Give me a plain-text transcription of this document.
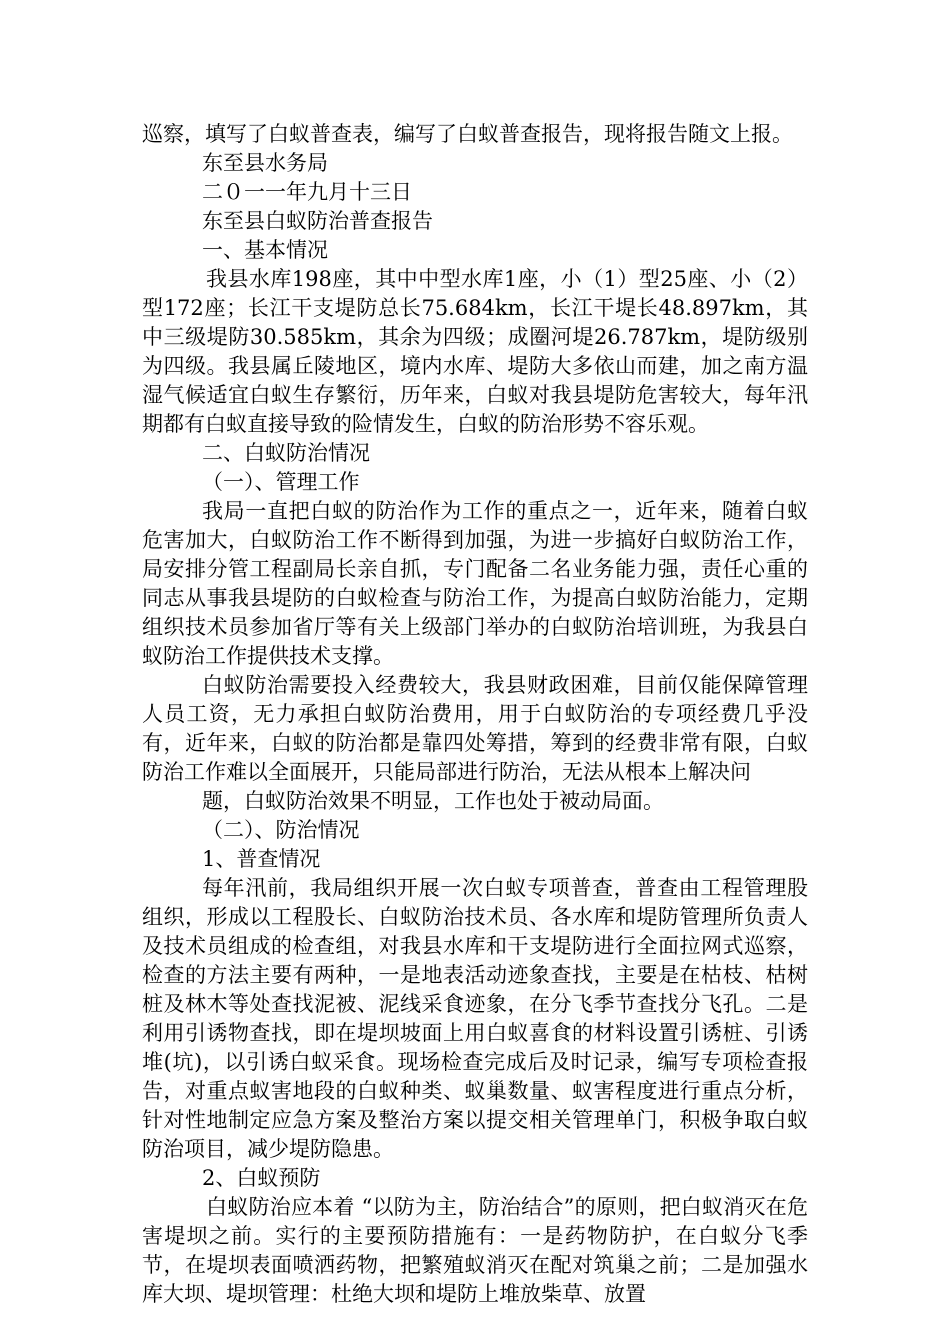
巡察，填写了白蚁普查表，编写了白蚁普查报告，现将报告随文上报。

东至县水务局

二０一一年九月十三日

东至县白蚁防治普查报告

一、基本情况

我县水库198座，其中中型水库1座，小（1）型25座、小（2）型172座；长江干支堤防总长75.684km，长江干堤长48.897km，其中三级堤防30.585km，其余为四级；成圈河堤26.787km，堤防级别为四级。我县属丘陵地区，境内水库、堤防大多依山而建，加之南方温湿气候适宜白蚁生存繁衍，历年来，白蚁对我县堤防危害较大，每年汛期都有白蚁直接导致的险情发生，白蚁的防治形势不容乐观。

二、白蚁防治情况

（一）、管理工作

我局一直把白蚁的防治作为工作的重点之一，近年来，随着白蚁危害加大，白蚁防治工作不断得到加强，为进一步搞好白蚁防治工作，局安排分管工程副局长亲自抓，专门配备二名业务能力强，责任心重的同志从事我县堤防的白蚁检查与防治工作，为提高白蚁防治能力，定期组织技术员参加省厅等有关上级部门举办的白蚁防治培训班，为我县白蚁防治工作提供技术支撑。

白蚁防治需要投入经费较大，我县财政困难，目前仅能保障管理人员工资，无力承担白蚁防治费用，用于白蚁防治的专项经费几乎没有，近年来，白蚁的防治都是靠四处筹措，筹到的经费非常有限，白蚁防治工作难以全面展开，只能局部进行防治，无法从根本上解决问

题，白蚁防治效果不明显，工作也处于被动局面。

（二）、防治情况

1、普查情况

每年汛前，我局组织开展一次白蚁专项普查，普查由工程管理股组织，形成以工程股长、白蚁防治技术员、各水库和堤防管理所负责人及技术员组成的检查组，对我县水库和干支堤防进行全面拉网式巡察，检查的方法主要有两种，一是地表活动迹象查找，主要是在枯枝、枯树桩及林木等处查找泥被、泥线采食迹象，在分飞季节查找分飞孔。二是利用引诱物查找，即在堤坝坡面上用白蚁喜食的材料设置引诱桩、引诱堆(坑)，以引诱白蚁采食。现场检查完成后及时记录，编写专项检查报告，对重点蚁害地段的白蚁种类、蚁巢数量、蚁害程度进行重点分析，针对性地制定应急方案及整治方案以提交相关管理单门，积极争取白蚁防治项目，减少堤防隐患。

2、白蚁预防

白蚁防治应本着 “以防为主，防治结合”的原则，把白蚁消灭在危害堤坝之前。实行的主要预防措施有：一是药物防护，在白蚁分飞季节，在堤坝表面喷洒药物，把繁殖蚁消灭在配对筑巢之前；二是加强水库大坝、堤坝管理：杜绝大坝和堤防上堆放柴草、放置
